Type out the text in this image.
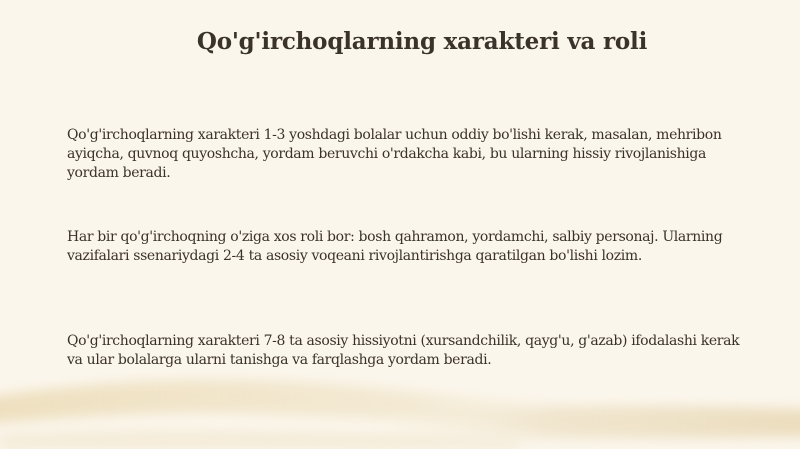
Qo'g'irchoqlarning xarakteri va roli

Qo'g'irchoqlarning xarakteri 1-3 yoshdagi bolalar uchun oddiy bo'lishi kerak, masalan, mehribon ayiqcha, quvnoq quyoshcha, yordam beruvchi o'rdakcha kabi, bu ularning hissiy rivojlanishiga yordam beradi.

Har bir qo'g'irchoqning o'ziga xos roli bor: bosh qahramon, yordamchi, salbiy personaj. Ularning vazifalari ssenariydagi 2-4 ta asosiy voqeani rivojlantirishga qaratilgan bo'lishi lozim.

Qo'g'irchoqlarning xarakteri 7-8 ta asosiy hissiyotni (xursandchilik, qayg'u, g'azab) ifodalashi kerak va ular bolalarga ularni tanishga va farqlashga yordam beradi.
